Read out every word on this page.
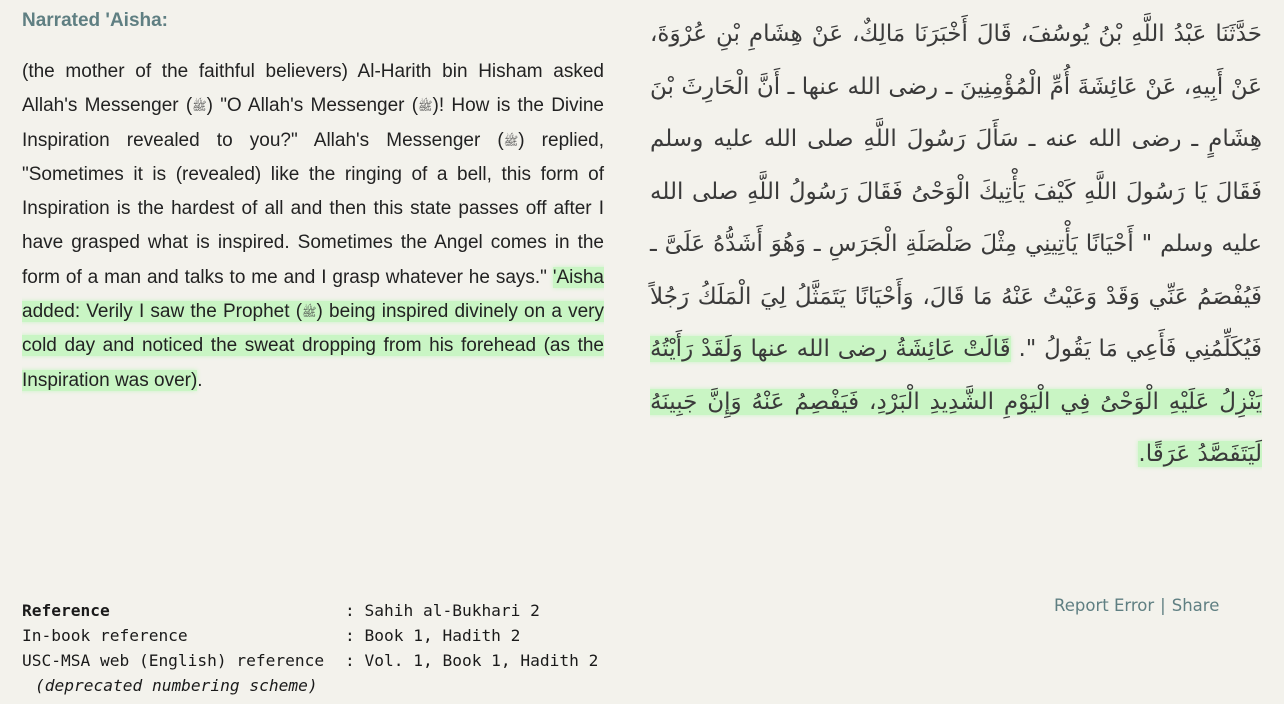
Narrated 'Aisha:

(the mother of the faithful believers) Al-Harith bin Hisham asked Allah's Messenger (ﷺ) "O Allah's Messenger (ﷺ)! How is the Divine Inspiration revealed to you?" Allah's Messenger (ﷺ) replied, "Sometimes it is (revealed) like the ringing of a bell, this form of Inspiration is the hardest of all and then this state passes off after I have grasped what is inspired. Sometimes the Angel comes in the form of a man and talks to me and I grasp whatever he says." 'Aisha added: Verily I saw the Prophet (ﷺ) being inspired divinely on a very cold day and noticed the sweat dropping from his forehead (as the Inspiration was over).

حَدَّثَنَا عَبْدُ اللَّهِ بْنُ يُوسُفَ، قَالَ أَخْبَرَنَا مَالِكٌ، عَنْ هِشَامِ بْنِ عُرْوَةَ، عَنْ أَبِيهِ، عَنْ عَائِشَةَ أُمِّ الْمُؤْمِنِينَ ـ رضى الله عنها ـ أَنَّ الْحَارِثَ بْنَ هِشَامٍ ـ رضى الله عنه ـ سَأَلَ رَسُولَ اللَّهِ صلى الله عليه وسلم فَقَالَ يَا رَسُولَ اللَّهِ كَيْفَ يَأْتِيكَ الْوَحْىُ فَقَالَ رَسُولُ اللَّهِ صلى الله عليه وسلم " أَحْيَانًا يَأْتِينِي مِثْلَ صَلْصَلَةِ الْجَرَسِ ـ وَهُوَ أَشَدُّهُ عَلَىَّ ـ فَيُفْصَمُ عَنِّي وَقَدْ وَعَيْتُ عَنْهُ مَا قَالَ، وَأَحْيَانًا يَتَمَثَّلُ لِيَ الْمَلَكُ رَجُلاً فَيُكَلِّمُنِي فَأَعِي مَا يَقُولُ ". قَالَتْ عَائِشَةُ رضى الله عنها وَلَقَدْ رَأَيْتُهُ يَنْزِلُ عَلَيْهِ الْوَحْىُ فِي الْيَوْمِ الشَّدِيدِ الْبَرْدِ، فَيَفْصِمُ عَنْهُ وَإِنَّ جَبِينَهُ لَيَتَفَصَّدُ عَرَقًا.

Reference	: Sahih al-Bukhari 2
In-book reference	: Book 1, Hadith 2
USC-MSA web (English) reference	: Vol. 1, Book 1, Hadith 2
(deprecated numbering scheme)
Report Error | Share
